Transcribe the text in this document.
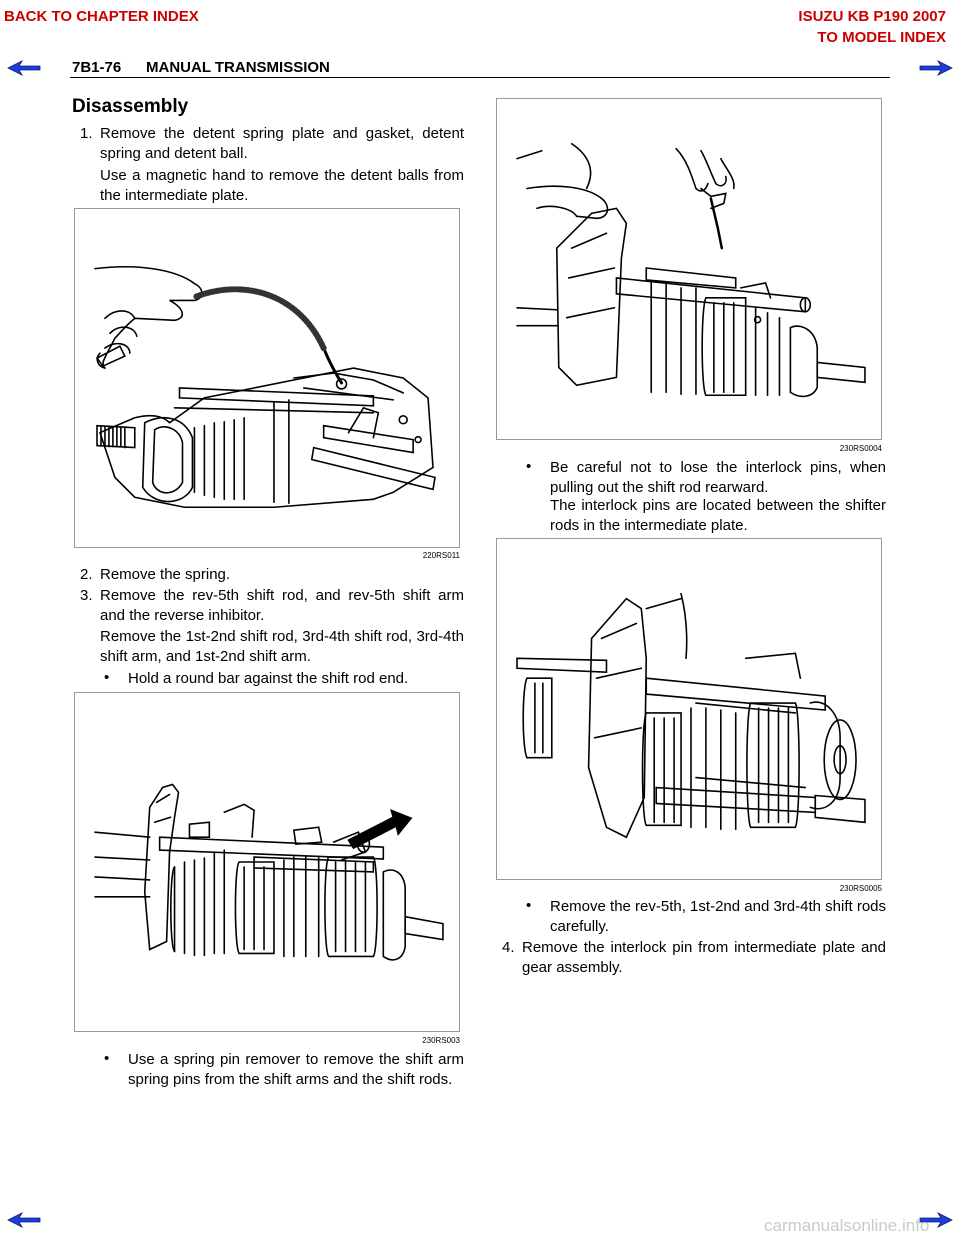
BACK TO CHAPTER INDEX	ISUZU KB P190 2007
TO MODEL INDEX
7B1-76 MANUAL TRANSMISSION
Disassembly
1. Remove the detent spring plate and gasket, detent spring and detent ball.
Use a magnetic hand to remove the detent balls from the intermediate plate.
220RS011
2. Remove the spring.
3. Remove the rev-5th shift rod, and rev-5th shift arm and the reverse inhibitor.
Remove the 1st-2nd shift rod, 3rd-4th shift rod, 3rd-4th shift arm, and 1st-2nd shift arm.
• Hold a round bar against the shift rod end.
230RS003
• Use a spring pin remover to remove the shift arm spring pins from the shift arms and the shift rods.
230RS0004
• Be careful not to lose the interlock pins, when pulling out the shift rod rearward.
The interlock pins are located between the shifter rods in the intermediate plate.
230RS0005
• Remove the rev-5th, 1st-2nd and 3rd-4th shift rods carefully.
4. Remove the interlock pin from intermediate plate and gear assembly.
carmanualsonline.info
